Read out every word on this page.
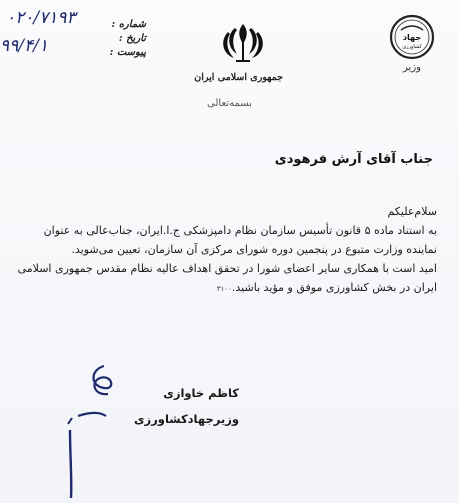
جهاد
کشاورزی
وزیر
جمهوری اسلامی ایران
شماره :
تاریخ :
پیوست :
۰۲۰/۷۱۹۳
۹۹/۴/۱
بسمه‌تعالی
جناب آقای آرش فرهودی

سلام‌علیکم

به استناد ماده ۵ قانون تأسیس سازمان نظام دامپزشکی ج.ا.ایران، جناب‌عالی به عنوان نماینده وزارت متبوع در پنجمین دوره شورای مرکزی آن سازمان، تعیین می‌شوید.

امید است با همکاری سایر اعضای شورا در تحقق اهداف عالیه نظام مقدس جمهوری اسلامی ایران در بخش کشاورزی موفق و مؤید باشید.۳۱۰۰

کاظم خاوازی
وزیرجهادکشاورزی
